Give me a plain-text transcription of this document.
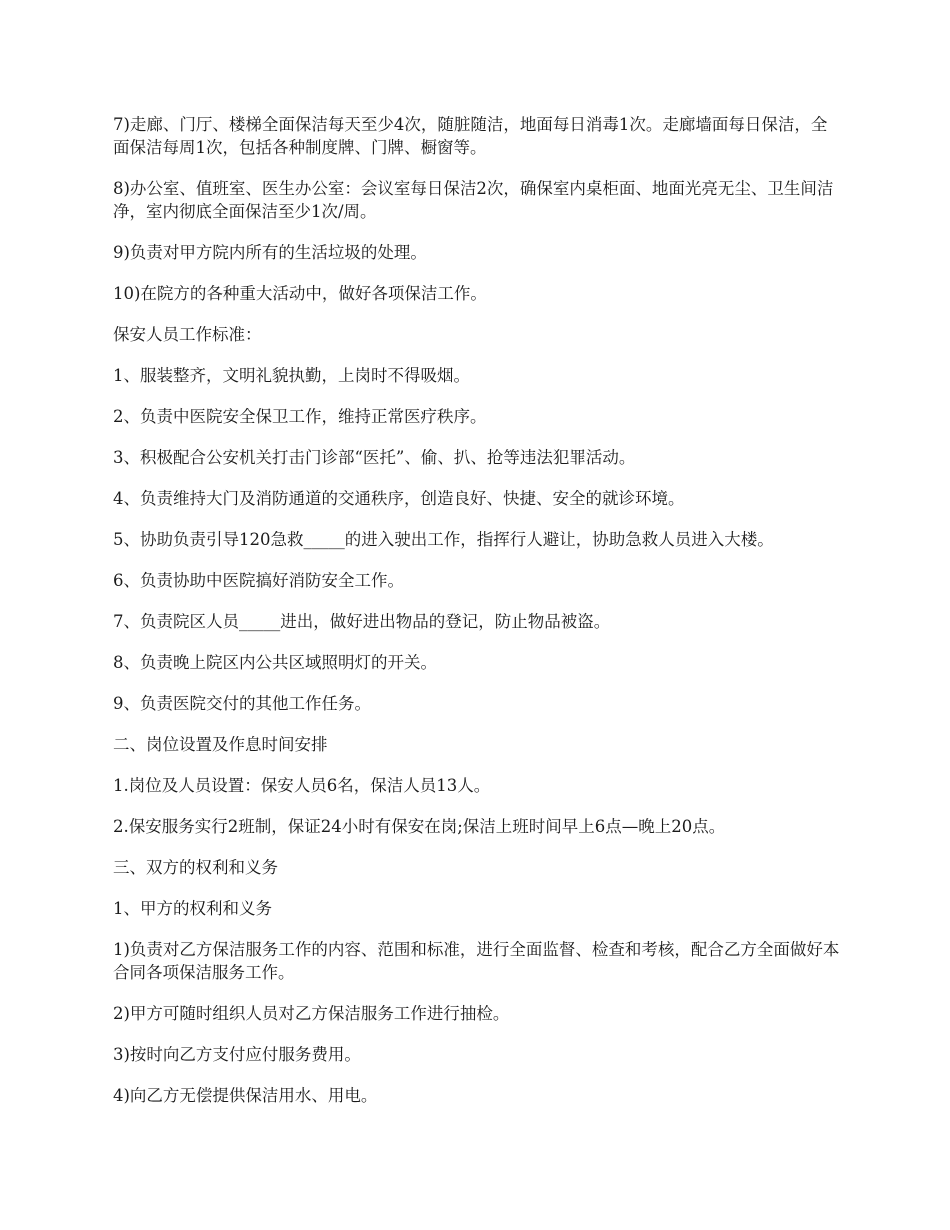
7)走廊、门厅、楼梯全面保洁每天至少4次，随脏随洁，地面每日消毒1次。走廊墙面每日保洁，全面保洁每周1次，包括各种制度牌、门牌、橱窗等。

8)办公室、值班室、医生办公室：会议室每日保洁2次，确保室内桌柜面、地面光亮无尘、卫生间洁净，室内彻底全面保洁至少1次/周。

9)负责对甲方院内所有的生活垃圾的处理。

10)在院方的各种重大活动中，做好各项保洁工作。

保安人员工作标准：

1、服装整齐，文明礼貌执勤，上岗时不得吸烟。

2、负责中医院安全保卫工作，维持正常医疗秩序。

3、积极配合公安机关打击门诊部“医托”、偷、扒、抢等违法犯罪活动。

4、负责维持大门及消防通道的交通秩序，创造良好、快捷、安全的就诊环境。

5、协助负责引导120急救_____的进入驶出工作，指挥行人避让，协助急救人员进入大楼。

6、负责协助中医院搞好消防安全工作。

7、负责院区人员_____进出，做好进出物品的登记，防止物品被盗。

8、负责晚上院区内公共区域照明灯的开关。

9、负责医院交付的其他工作任务。

二、岗位设置及作息时间安排

1.岗位及人员设置：保安人员6名，保洁人员13人。

2.保安服务实行2班制，保证24小时有保安在岗;保洁上班时间早上6点—晚上20点。

三、双方的权利和义务

1、甲方的权利和义务

1)负责对乙方保洁服务工作的内容、范围和标准，进行全面监督、检查和考核，配合乙方全面做好本合同各项保洁服务工作。

2)甲方可随时组织人员对乙方保洁服务工作进行抽检。

3)按时向乙方支付应付服务费用。

4)向乙方无偿提供保洁用水、用电。
